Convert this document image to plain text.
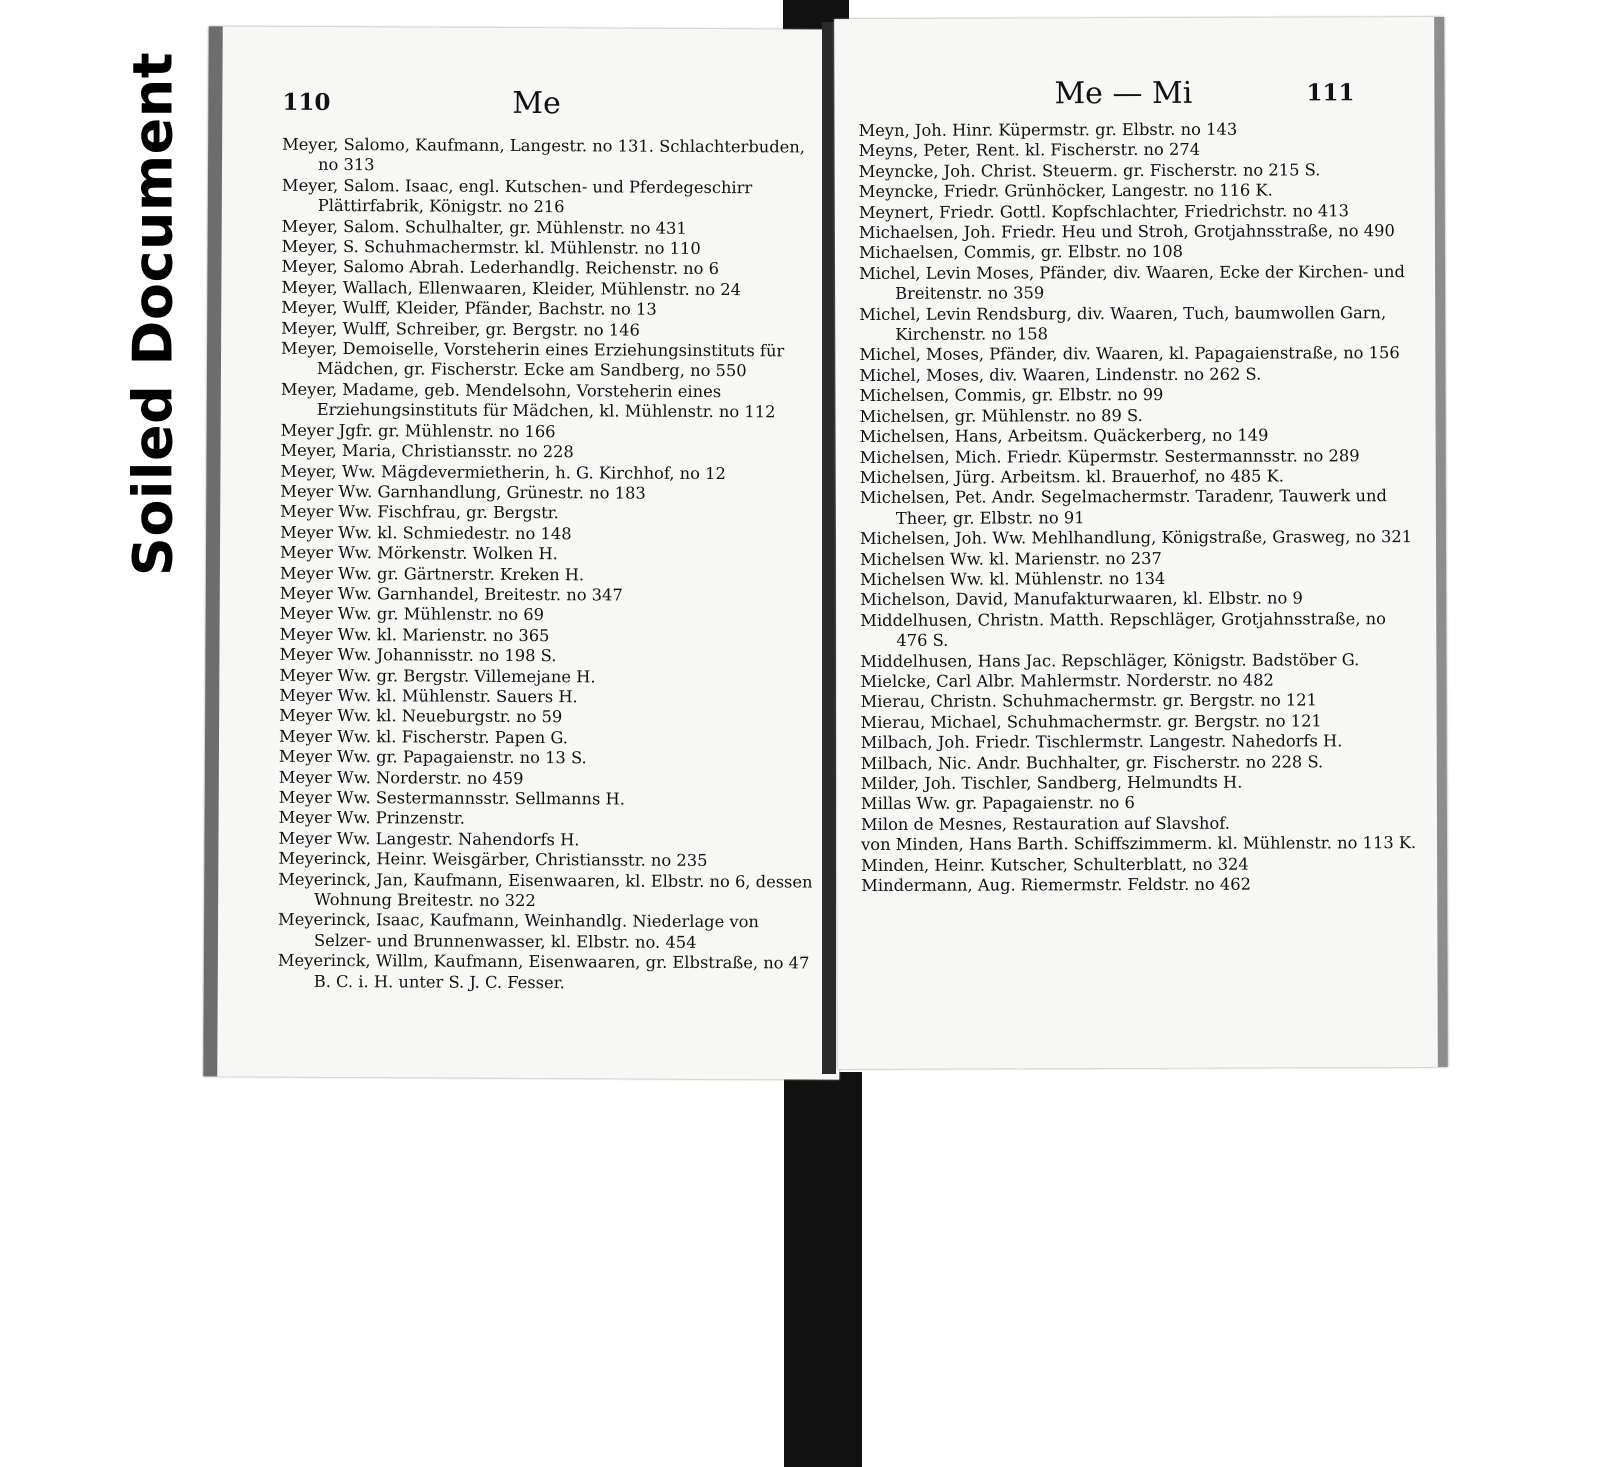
Soiled Document	110	Me
Meyer, Salomo, Kaufmann, Langestr. no 131. Schlachterbuden, no 313
Meyer, Salom. Isaac, engl. Kutschen- und Pferdegeschirr Plättirfabrik, Königstr. no 216
Meyer, Salom. Schulhalter, gr. Mühlenstr. no 431
Meyer, S. Schuhmachermstr. kl. Mühlenstr. no 110
Meyer, Salomo Abrah. Lederhandlg. Reichenstr. no 6
Meyer, Wallach, Ellenwaaren, Kleider, Mühlenstr. no 24
Meyer, Wulff, Kleider, Pfänder, Bachstr. no 13
Meyer, Wulff, Schreiber, gr. Bergstr. no 146
Meyer, Demoiselle, Vorsteherin eines Erziehungsinstituts für Mädchen, gr. Fischerstr. Ecke am Sandberg, no 550
Meyer, Madame, geb. Mendelsohn, Vorsteherin eines Erziehungsinstituts für Mädchen, kl. Mühlenstr. no 112
Meyer Jgfr. gr. Mühlenstr. no 166
Meyer, Maria, Christiansstr. no 228
Meyer, Ww. Mägdevermietherin, h. G. Kirchhof, no 12
Meyer Ww. Garnhandlung, Grünestr. no 183
Meyer Ww. Fischfrau, gr. Bergstr.
Meyer Ww. kl. Schmiedestr. no 148
Meyer Ww. Mörkenstr. Wolken H.
Meyer Ww. gr. Gärtnerstr. Kreken H.
Meyer Ww. Garnhandel, Breitestr. no 347
Meyer Ww. gr. Mühlenstr. no 69
Meyer Ww. kl. Marienstr. no 365
Meyer Ww. Johannisstr. no 198 S.
Meyer Ww. gr. Bergstr. Villemejane H.
Meyer Ww. kl. Mühlenstr. Sauers H.
Meyer Ww. kl. Neueburgstr. no 59
Meyer Ww. kl. Fischerstr. Papen G.
Meyer Ww. gr. Papagaienstr. no 13 S.
Meyer Ww. Norderstr. no 459
Meyer Ww. Sestermannsstr. Sellmanns H.
Meyer Ww. Prinzenstr.
Meyer Ww. Langestr. Nahendorfs H.
Meyerinck, Heinr. Weisgärber, Christiansstr. no 235
Meyerinck, Jan, Kaufmann, Eisenwaaren, kl. Elbstr. no 6, dessen Wohnung Breitestr. no 322
Meyerinck, Isaac, Kaufmann, Weinhandlg. Niederlage von Selzer- und Brunnenwasser, kl. Elbstr. no. 454
Meyerinck, Willm, Kaufmann, Eisenwaaren, gr. Elbstraße, no 47 B. C. i. H. unter S. J. C. Fesser.
111
Me — Mi
Meyn, Joh. Hinr. Küpermstr. gr. Elbstr. no 143
Meyns, Peter, Rent. kl. Fischerstr. no 274
Meyncke, Joh. Christ. Steuerm. gr. Fischerstr. no 215 S.
Meyncke, Friedr. Grünhöcker, Langestr. no 116 K.
Meynert, Friedr. Gottl. Kopfschlachter, Friedrichstr. no 413
Michaelsen, Joh. Friedr. Heu und Stroh, Grotjahnsstraße, no 490
Michaelsen, Commis, gr. Elbstr. no 108
Michel, Levin Moses, Pfänder, div. Waaren, Ecke der Kirchen- und Breitenstr. no 359
Michel, Levin Rendsburg, div. Waaren, Tuch, baumwollen Garn, Kirchenstr. no 158
Michel, Moses, Pfänder, div. Waaren, kl. Papagaienstraße, no 156
Michel, Moses, div. Waaren, Lindenstr. no 262 S.
Michelsen, Commis, gr. Elbstr. no 99
Michelsen, gr. Mühlenstr. no 89 S.
Michelsen, Hans, Arbeitsm. Quäckerberg, no 149
Michelsen, Mich. Friedr. Küpermstr. Sestermannsstr. no 289
Michelsen, Jürg. Arbeitsm. kl. Brauerhof, no 485 K.
Michelsen, Pet. Andr. Segelmachermstr. Taradenr, Tauwerk und Theer, gr. Elbstr. no 91
Michelsen, Joh. Ww. Mehlhandlung, Königstraße, Grasweg, no 321
Michelsen Ww. kl. Marienstr. no 237
Michelsen Ww. kl. Mühlenstr. no 134
Michelson, David, Manufakturwaaren, kl. Elbstr. no 9
Middelhusen, Christn. Matth. Repschläger, Grotjahnsstraße, no 476 S.
Middelhusen, Hans Jac. Repschläger, Königstr. Badstöber G.
Mielcke, Carl Albr. Mahlermstr. Norderstr. no 482
Mierau, Christn. Schuhmachermstr. gr. Bergstr. no 121
Mierau, Michael, Schuhmachermstr. gr. Bergstr. no 121
Milbach, Joh. Friedr. Tischlermstr. Langestr. Nahedorfs H.
Milbach, Nic. Andr. Buchhalter, gr. Fischerstr. no 228 S.
Milder, Joh. Tischler, Sandberg, Helmundts H.
Millas Ww. gr. Papagaienstr. no 6
Milon de Mesnes, Restauration auf Slavshof.
von Minden, Hans Barth. Schiffszimmerm. kl. Mühlenstr. no 113 K.
Minden, Heinr. Kutscher, Schulterblatt, no 324
Mindermann, Aug. Riemermstr. Feldstr. no 462
